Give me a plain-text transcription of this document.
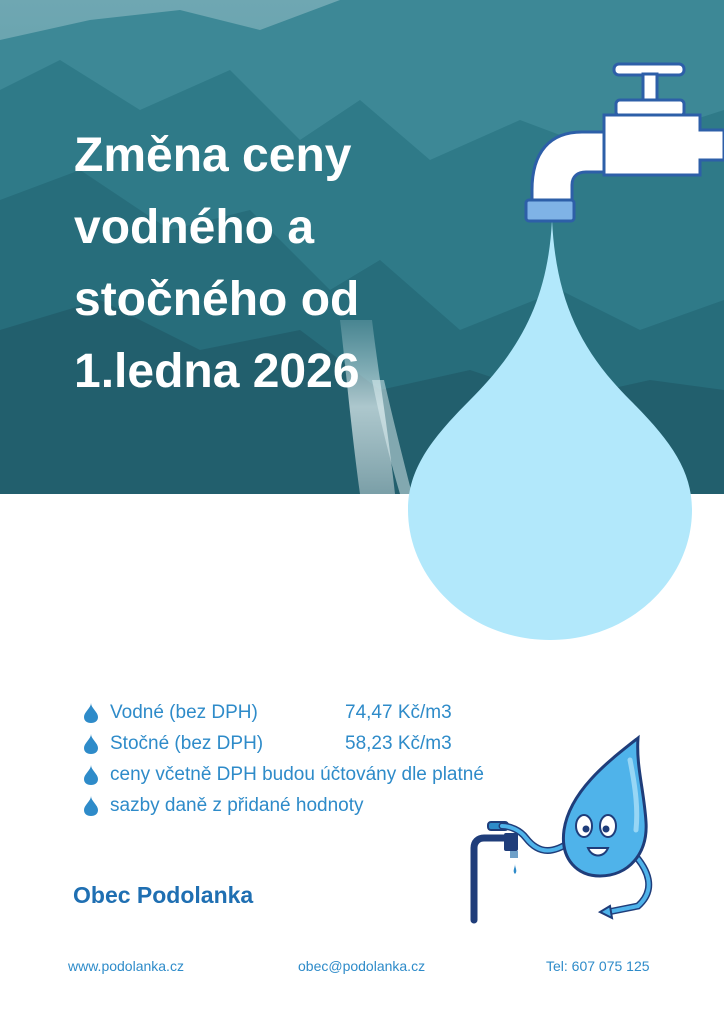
Změna ceny
vodného a
stočného od
1.ledna 2026
Vodné (bez DPH)	74,47 Kč/m3
Stočné (bez DPH)	58,23 Kč/m3
ceny včetně DPH budou účtovány dle platné
sazby daně z přidané hodnoty
Obec Podolanka
www.podolanka.cz	obec@podolanka.cz	Tel: 607 075 125
